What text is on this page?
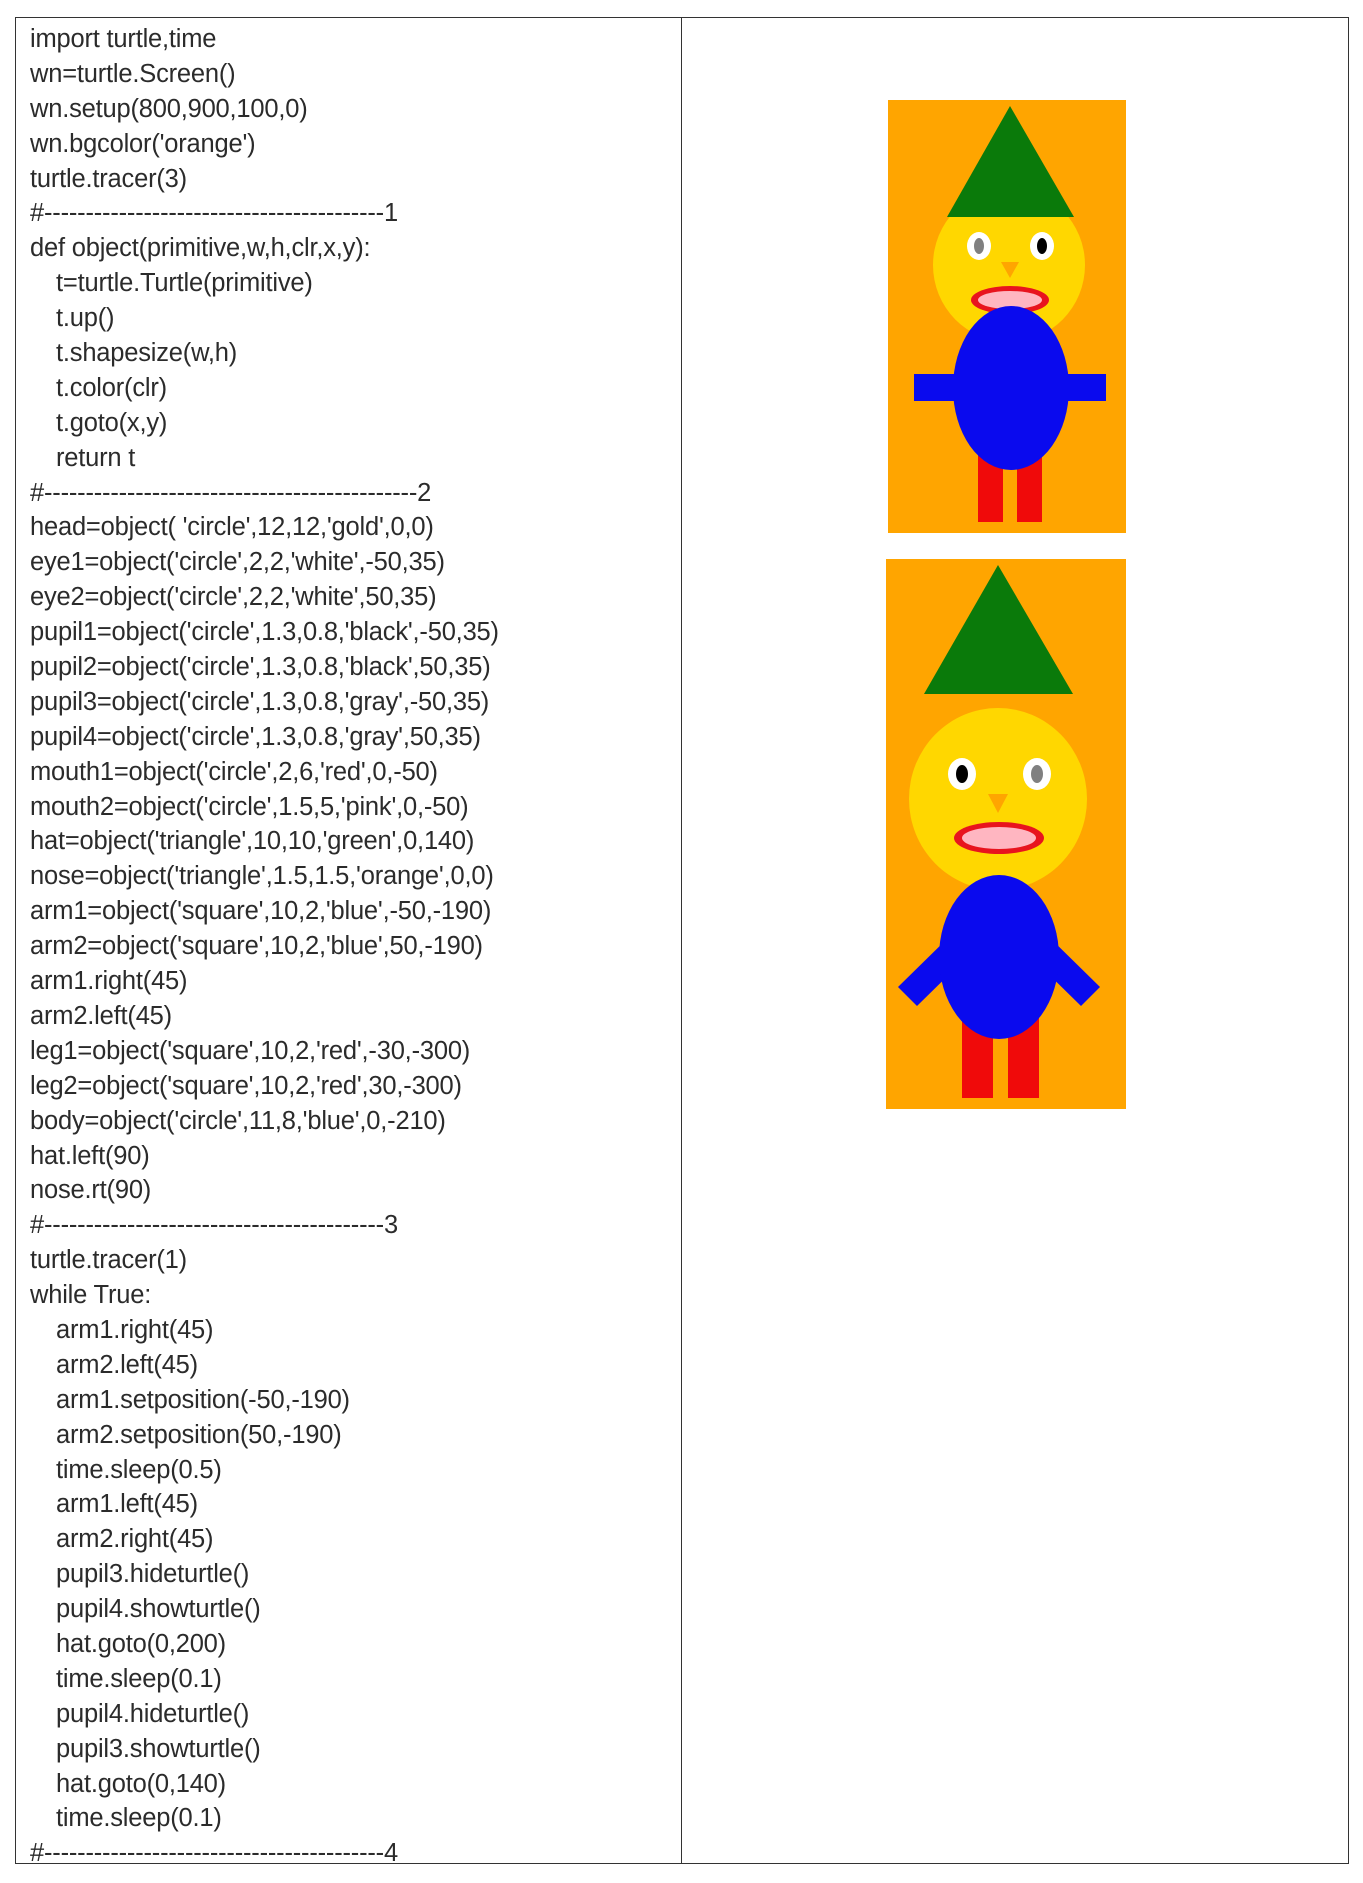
import turtle,time
wn=turtle.Screen()
wn.setup(800,900,100,0)
wn.bgcolor('orange')
turtle.tracer(3)
#-----------------------------------------1
def object(primitive,w,h,clr,x,y):
t=turtle.Turtle(primitive)
t.up()
t.shapesize(w,h)
t.color(clr)
t.goto(x,y)
return t
#---------------------------------------------2
head=object( 'circle',12,12,'gold',0,0)
eye1=object('circle',2,2,'white',-50,35)
eye2=object('circle',2,2,'white',50,35)
pupil1=object('circle',1.3,0.8,'black',-50,35)
pupil2=object('circle',1.3,0.8,'black',50,35)
pupil3=object('circle',1.3,0.8,'gray',-50,35)
pupil4=object('circle',1.3,0.8,'gray',50,35)
mouth1=object('circle',2,6,'red',0,-50)
mouth2=object('circle',1.5,5,'pink',0,-50)
hat=object('triangle',10,10,'green',0,140)
nose=object('triangle',1.5,1.5,'orange',0,0)
arm1=object('square',10,2,'blue',-50,-190)
arm2=object('square',10,2,'blue',50,-190)
arm1.right(45)
arm2.left(45)
leg1=object('square',10,2,'red',-30,-300)
leg2=object('square',10,2,'red',30,-300)
body=object('circle',11,8,'blue',0,-210)
hat.left(90)
nose.rt(90)
#-----------------------------------------3
turtle.tracer(1)
while True:
arm1.right(45)
arm2.left(45)
arm1.setposition(-50,-190)
arm2.setposition(50,-190)
time.sleep(0.5)
arm1.left(45)
arm2.right(45)
pupil3.hideturtle()
pupil4.showturtle()
hat.goto(0,200)
time.sleep(0.1)
pupil4.hideturtle()
pupil3.showturtle()
hat.goto(0,140)
time.sleep(0.1)
#-----------------------------------------4
